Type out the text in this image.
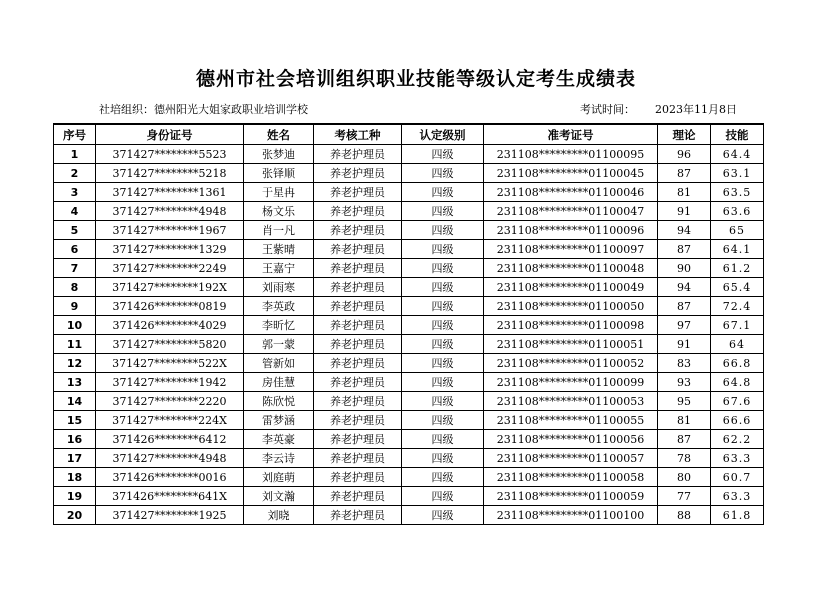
德州市社会培训组织职业技能等级认定考生成绩表
社培组织：德州阳光大姐家政职业培训学校	考试时间： 2023年11月8日
序号	身份证号	姓名	考核工种	认定级别	准考证号	理论	技能
1	371427********5523	张梦迪	养老护理员	四级	231108*********01100095	96	64.4
2	371427********5218	张铎顺	养老护理员	四级	231108*********01100045	87	63.1
3	371427********1361	于星冉	养老护理员	四级	231108*********01100046	81	63.5
4	371427********4948	杨文乐	养老护理员	四级	231108*********01100047	91	63.6
5	371427********1967	肖一凡	养老护理员	四级	231108*********01100096	94	65
6	371427********1329	王紫晴	养老护理员	四级	231108*********01100097	87	64.1
7	371427********2249	王嘉宁	养老护理员	四级	231108*********01100048	90	61.2
8	371427********192X	刘雨寒	养老护理员	四级	231108*********01100049	94	65.4
9	371426********0819	李英政	养老护理员	四级	231108*********01100050	87	72.4
10	371426********4029	李昕忆	养老护理员	四级	231108*********01100098	97	67.1
11	371427********5820	郭一蒙	养老护理员	四级	231108*********01100051	91	64
12	371427********522X	管新如	养老护理员	四级	231108*********01100052	83	66.8
13	371427********1942	房佳慧	养老护理员	四级	231108*********01100099	93	64.8
14	371427********2220	陈欣悦	养老护理员	四级	231108*********01100053	95	67.6
15	371427********224X	雷梦涵	养老护理员	四级	231108*********01100055	81	66.6
16	371426********6412	李英豪	养老护理员	四级	231108*********01100056	87	62.2
17	371427********4948	李云诗	养老护理员	四级	231108*********01100057	78	63.3
18	371426********0016	刘庭萌	养老护理员	四级	231108*********01100058	80	60.7
19	371426********641X	刘文瀚	养老护理员	四级	231108*********01100059	77	63.3
20	371427********1925	刘晓	养老护理员	四级	231108*********01100100	88	61.8
